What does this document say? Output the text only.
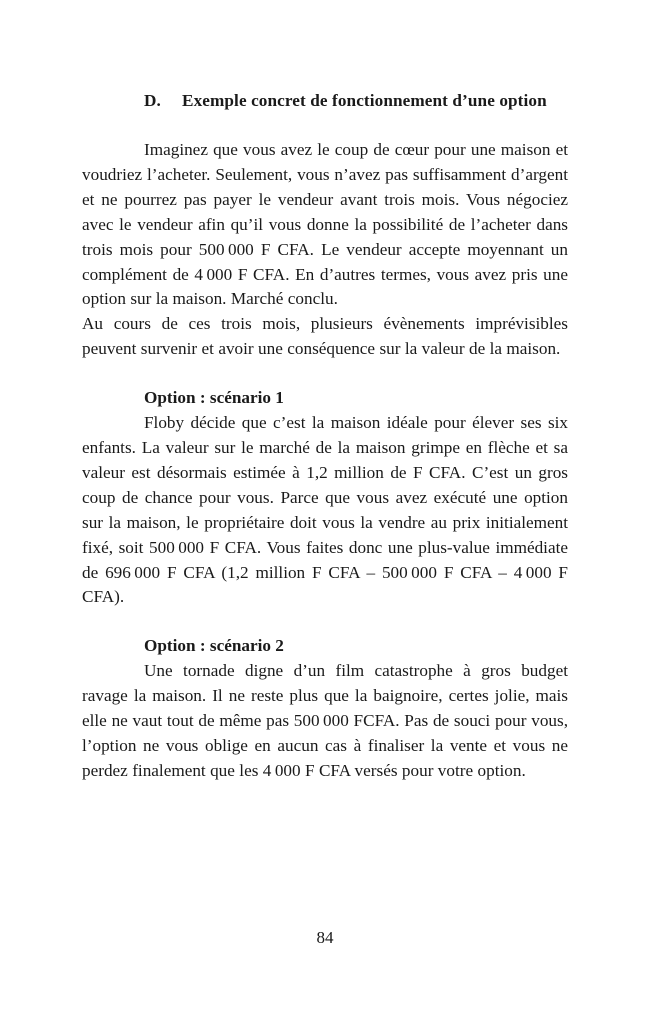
D.	Exemple concret de fonctionnement d’une option

Imaginez que vous avez le coup de cœur pour une maison et voudriez l’acheter. Seulement, vous n’avez pas suffisamment d’argent et ne pourrez pas payer le vendeur avant trois mois. Vous négociez avec le vendeur afin qu’il vous donne la possibilité de l’acheter dans trois mois pour 500 000 F CFA. Le vendeur accepte moyennant un complément de 4 000 F CFA. En d’autres termes, vous avez pris une option sur la maison. Marché conclu.

Au cours de ces trois mois, plusieurs évènements imprévisibles peuvent survenir et avoir une conséquence sur la valeur de la maison.

Option : scénario 1

Floby décide que c’est la maison idéale pour élever ses six enfants. La valeur sur le marché de la maison grimpe en flèche et sa valeur est désormais estimée à 1,2 million de F CFA. C’est un gros coup de chance pour vous. Parce que vous avez exécuté une option sur la maison, le propriétaire doit vous la vendre au prix initialement fixé, soit 500 000 F CFA. Vous faites donc une plus-value immédiate de 696 000 F CFA (1,2 million F CFA – 500 000 F CFA – 4 000 F CFA).

Option : scénario 2

Une tornade digne d’un film catastrophe à gros budget ravage la maison. Il ne reste plus que la baignoire, certes jolie, mais elle ne vaut tout de même pas 500 000 FCFA. Pas de souci pour vous, l’option ne vous oblige en aucun cas à finaliser la vente et vous ne perdez finalement que les 4 000 F CFA versés pour votre option.

84
